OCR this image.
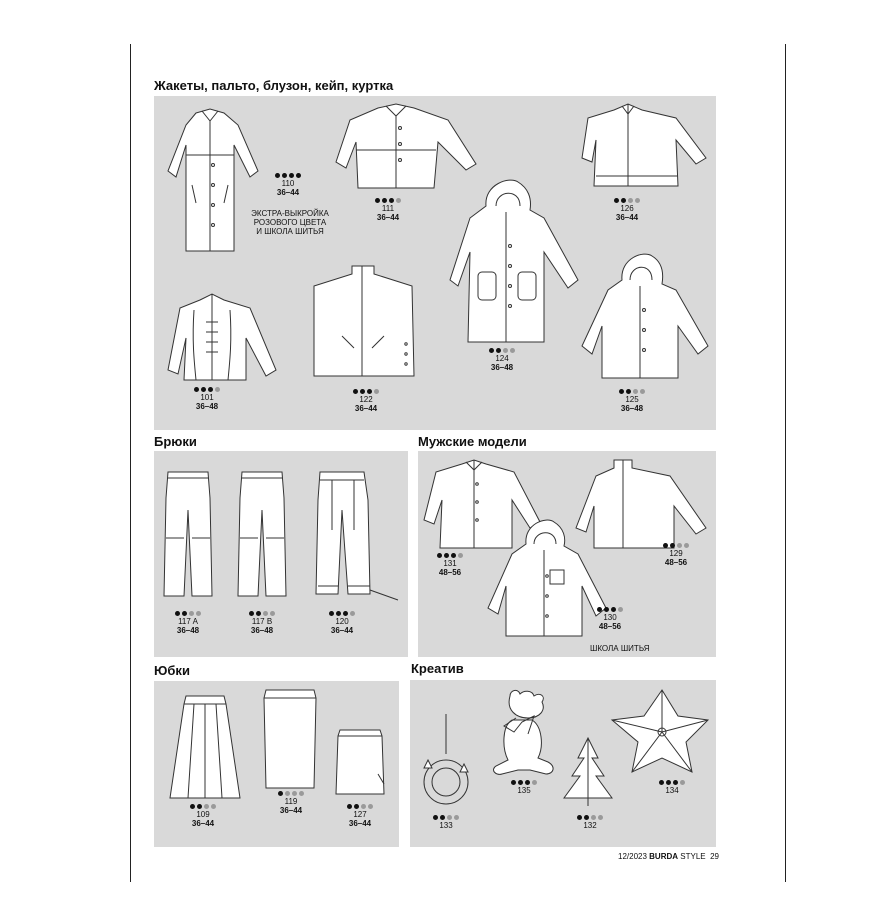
Жакеты, пальто, блузон, кейп, куртка
Брюки	Мужские модели
Юбки	Креатив
ЭКСТРА-ВЫКРОЙКА
РОЗОВОГО ЦВЕТА
И ШКОЛА ШИТЬЯ
110
36–44
111
36–44
126
36–44
124
36–48
101
36–48
122
36–44
125
36–48
117 A
36–48
117 B
36–48
120
36–44
131
48–56
129
48–56
130
48–56
ШКОЛА ШИТЬЯ
109
36–44
119
36–44	127
36–44
135	134
133	132
12/2023 BURDA STYLE 29
